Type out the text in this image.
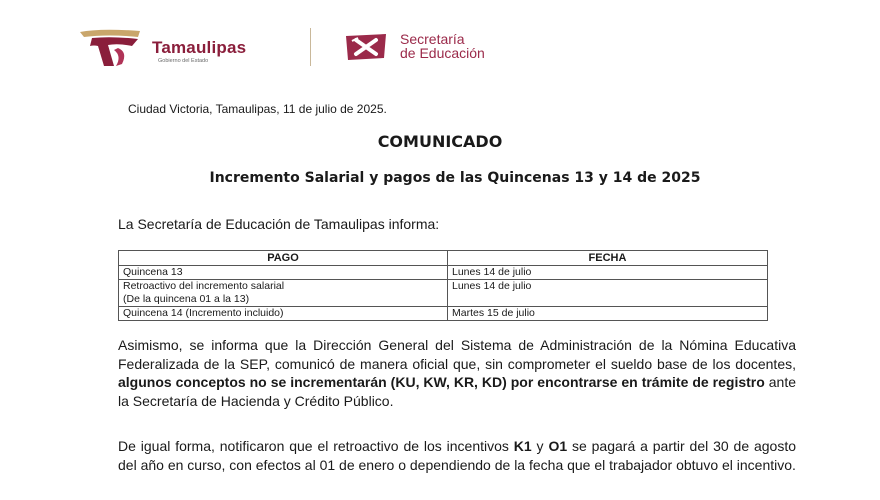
Tamaulipas
Gobierno del Estado
Secretaría
de Educación
Ciudad Victoria, Tamaulipas, 11 de julio de 2025.
COMUNICADO
Incremento Salarial y pagos de las Quincenas 13 y 14 de 2025
La Secretaría de Educación de Tamaulipas informa:
PAGO	FECHA
Quincena 13	Lunes 14 de julio

Retroactivo del incremento salarial
(De la quincena 01 a la 13)	Lunes 14 de julio
Quincena 14 (Incremento incluido)	Martes 15 de julio
Asimismo, se informa que la Dirección General del Sistema de Administración de la Nómina Educativa Federalizada de la SEP, comunicó de manera oficial que, sin comprometer el sueldo base de los docentes, algunos conceptos no se incrementarán (KU, KW, KR, KD) por encontrarse en trámite de registro ante la Secretaría de Hacienda y Crédito Público.
De igual forma, notificaron que el retroactivo de los incentivos K1 y O1 se pagará a partir del 30 de agosto del año en curso, con efectos al 01 de enero o dependiendo de la fecha que el trabajador obtuvo el incentivo.
